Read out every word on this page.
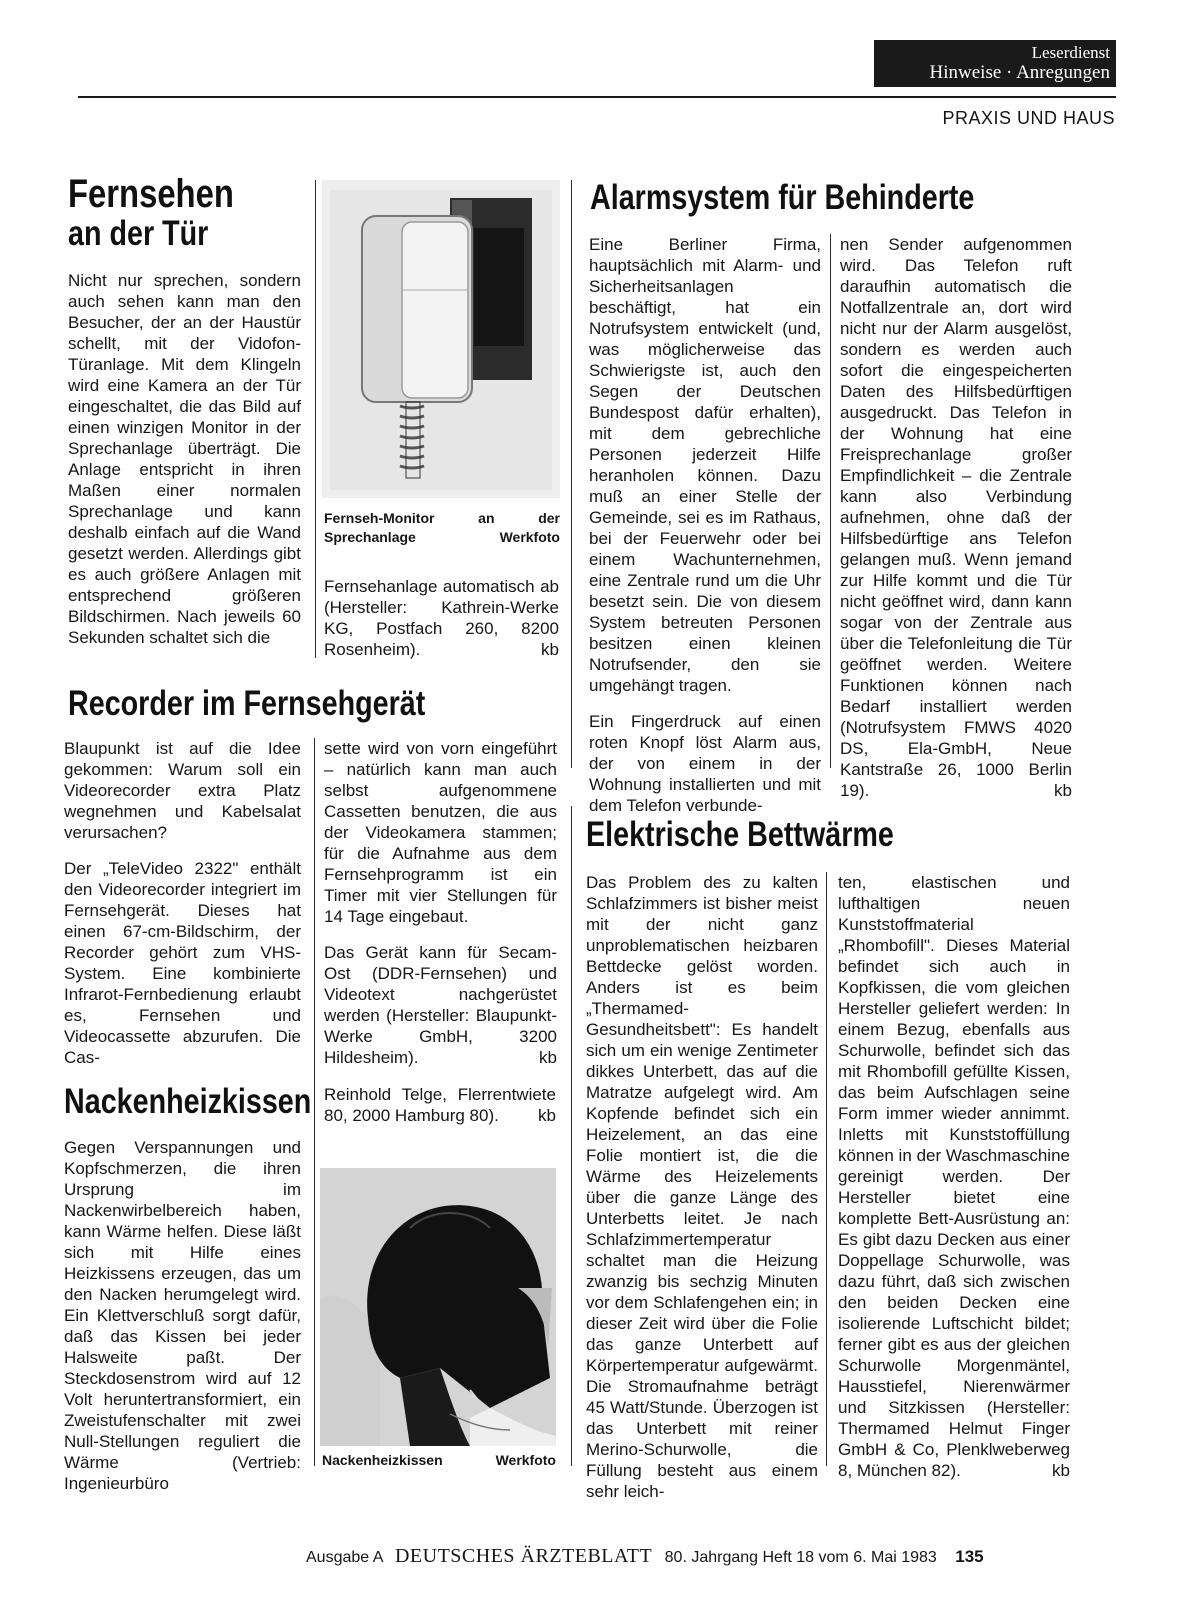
Leserdienst
Hinweise · Anregungen
PRAXIS UND HAUS
Fernsehen
an der Tür

Nicht nur sprechen, sondern auch sehen kann man den Besucher, der an der Haustür schellt, mit der Vidofon-Türanlage. Mit dem Klingeln wird eine Kamera an der Tür eingeschaltet, die das Bild auf einen winzigen Monitor in der Sprechanlage überträgt. Die Anlage entspricht in ihren Maßen einer normalen Sprechanlage und kann deshalb einfach auf die Wand gesetzt werden. Allerdings gibt es auch größere Anlagen mit entsprechend größeren Bildschirmen. Nach jeweils 60 Sekunden schaltet sich die

Fernseh-Monitor	an	der
Sprechanlage	Werkfoto

Fernsehanlage automatisch ab (Hersteller: Kathrein-Werke KG, Postfach 260, 8200 Rosenheim).	kb

Alarmsystem für Behinderte

Eine Berliner Firma, hauptsächlich mit Alarm- und Sicherheitsanlagen beschäftigt, hat ein Notrufsystem entwickelt (und, was möglicherweise das Schwierigste ist, auch den Segen der Deutschen Bundespost dafür erhalten), mit dem gebrechliche Personen jederzeit Hilfe heranholen können. Dazu muß an einer Stelle der Gemeinde, sei es im Rathaus, bei der Feuerwehr oder bei einem Wachunternehmen, eine Zentrale rund um die Uhr besetzt sein. Die von diesem System betreuten Personen besitzen einen kleinen Notrufsender, den sie umgehängt tragen.

Ein Fingerdruck auf einen roten Knopf löst Alarm aus, der von einem in der Wohnung installierten und mit dem Telefon verbunde-

nen Sender aufgenommen wird. Das Telefon ruft daraufhin automatisch die Notfallzentrale an, dort wird nicht nur der Alarm ausgelöst, sondern es werden auch sofort die eingespeicherten Daten des Hilfsbedürftigen ausgedruckt. Das Telefon in der Wohnung hat eine Freisprechanlage großer Empfindlichkeit – die Zentrale kann also Verbindung aufnehmen, ohne daß der Hilfsbedürftige ans Telefon gelangen muß. Wenn jemand zur Hilfe kommt und die Tür nicht geöffnet wird, dann kann sogar von der Zentrale aus über die Telefonleitung die Tür geöffnet werden. Weitere Funktionen können nach Bedarf installiert werden (Notrufsystem FMWS 4020 DS, Ela-GmbH, Neue Kantstraße 26, 1000 Berlin 19).	kb

Recorder im Fernsehgerät

Blaupunkt ist auf die Idee gekommen: Warum soll ein Videorecorder extra Platz wegnehmen und Kabelsalat verursachen?

Der „TeleVideo 2322" enthält den Videorecorder integriert im Fernsehgerät. Dieses hat einen 67-cm-Bildschirm, der Recorder gehört zum VHS-System. Eine kombinierte Infrarot-Fernbedienung erlaubt es, Fernsehen und Videocassette abzurufen. Die Cas-

sette wird von vorn eingeführt – natürlich kann man auch selbst aufgenommene Cassetten benutzen, die aus der Videokamera stammen; für die Aufnahme aus dem Fernsehprogramm ist ein Timer mit vier Stellungen für 14 Tage eingebaut.

Das Gerät kann für Secam-Ost (DDR-Fernsehen) und Videotext nachgerüstet werden (Hersteller: Blaupunkt-Werke GmbH, 3200 Hildesheim).	kb

Nackenheizkissen

Gegen Verspannungen und Kopfschmerzen, die ihren Ursprung im Nackenwirbelbereich haben, kann Wärme helfen. Diese läßt sich mit Hilfe eines Heizkissens erzeugen, das um den Nacken herumgelegt wird. Ein Klettverschluß sorgt dafür, daß das Kissen bei jeder Halsweite paßt. Der Steckdosenstrom wird auf 12 Volt heruntertransformiert, ein Zweistufenschalter mit zwei Null-Stellungen reguliert die Wärme (Vertrieb: Ingenieurbüro

Reinhold Telge, Flerrentwiete 80, 2000 Hamburg 80). kb

Nackenheizkissen	Werkfoto
Elektrische Bettwärme

Das Problem des zu kalten Schlafzimmers ist bisher meist mit der nicht ganz unproblematischen heizbaren Bettdecke gelöst worden. Anders ist es beim „Thermamed-Gesundheitsbett": Es handelt sich um ein wenige Zentimeter dikkes Unterbett, das auf die Matratze aufgelegt wird. Am Kopfende befindet sich ein Heizelement, an das eine Folie montiert ist, die die Wärme des Heizelements über die ganze Länge des Unterbetts leitet. Je nach Schlafzimmertemperatur schaltet man die Heizung zwanzig bis sechzig Minuten vor dem Schlafengehen ein; in dieser Zeit wird über die Folie das ganze Unterbett auf Körpertemperatur aufgewärmt. Die Stromaufnahme beträgt 45 Watt/Stunde. Überzogen ist das Unterbett mit reiner Merino-Schurwolle, die Füllung besteht aus einem sehr leich-

ten, elastischen und lufthaltigen neuen Kunststoffmaterial „Rhombofill". Dieses Material befindet sich auch in Kopfkissen, die vom gleichen Hersteller geliefert werden: In einem Bezug, ebenfalls aus Schurwolle, befindet sich das mit Rhombofill gefüllte Kissen, das beim Aufschlagen seine Form immer wieder annimmt. Inletts mit Kunststoffüllung können in der Waschmaschine gereinigt werden. Der Hersteller bietet eine komplette Bett-Ausrüstung an: Es gibt dazu Decken aus einer Doppellage Schurwolle, was dazu führt, daß sich zwischen den beiden Decken eine isolierende Luftschicht bildet; ferner gibt es aus der gleichen Schurwolle Morgenmäntel, Hausstiefel, Nierenwärmer und Sitzkissen (Hersteller: Thermamed Helmut Finger GmbH & Co, Plenklweberweg 8, München 82).	kb

Ausgabe A DEUTSCHES ÄRZTEBLATT 80. Jahrgang Heft 18 vom 6. Mai 1983 135
